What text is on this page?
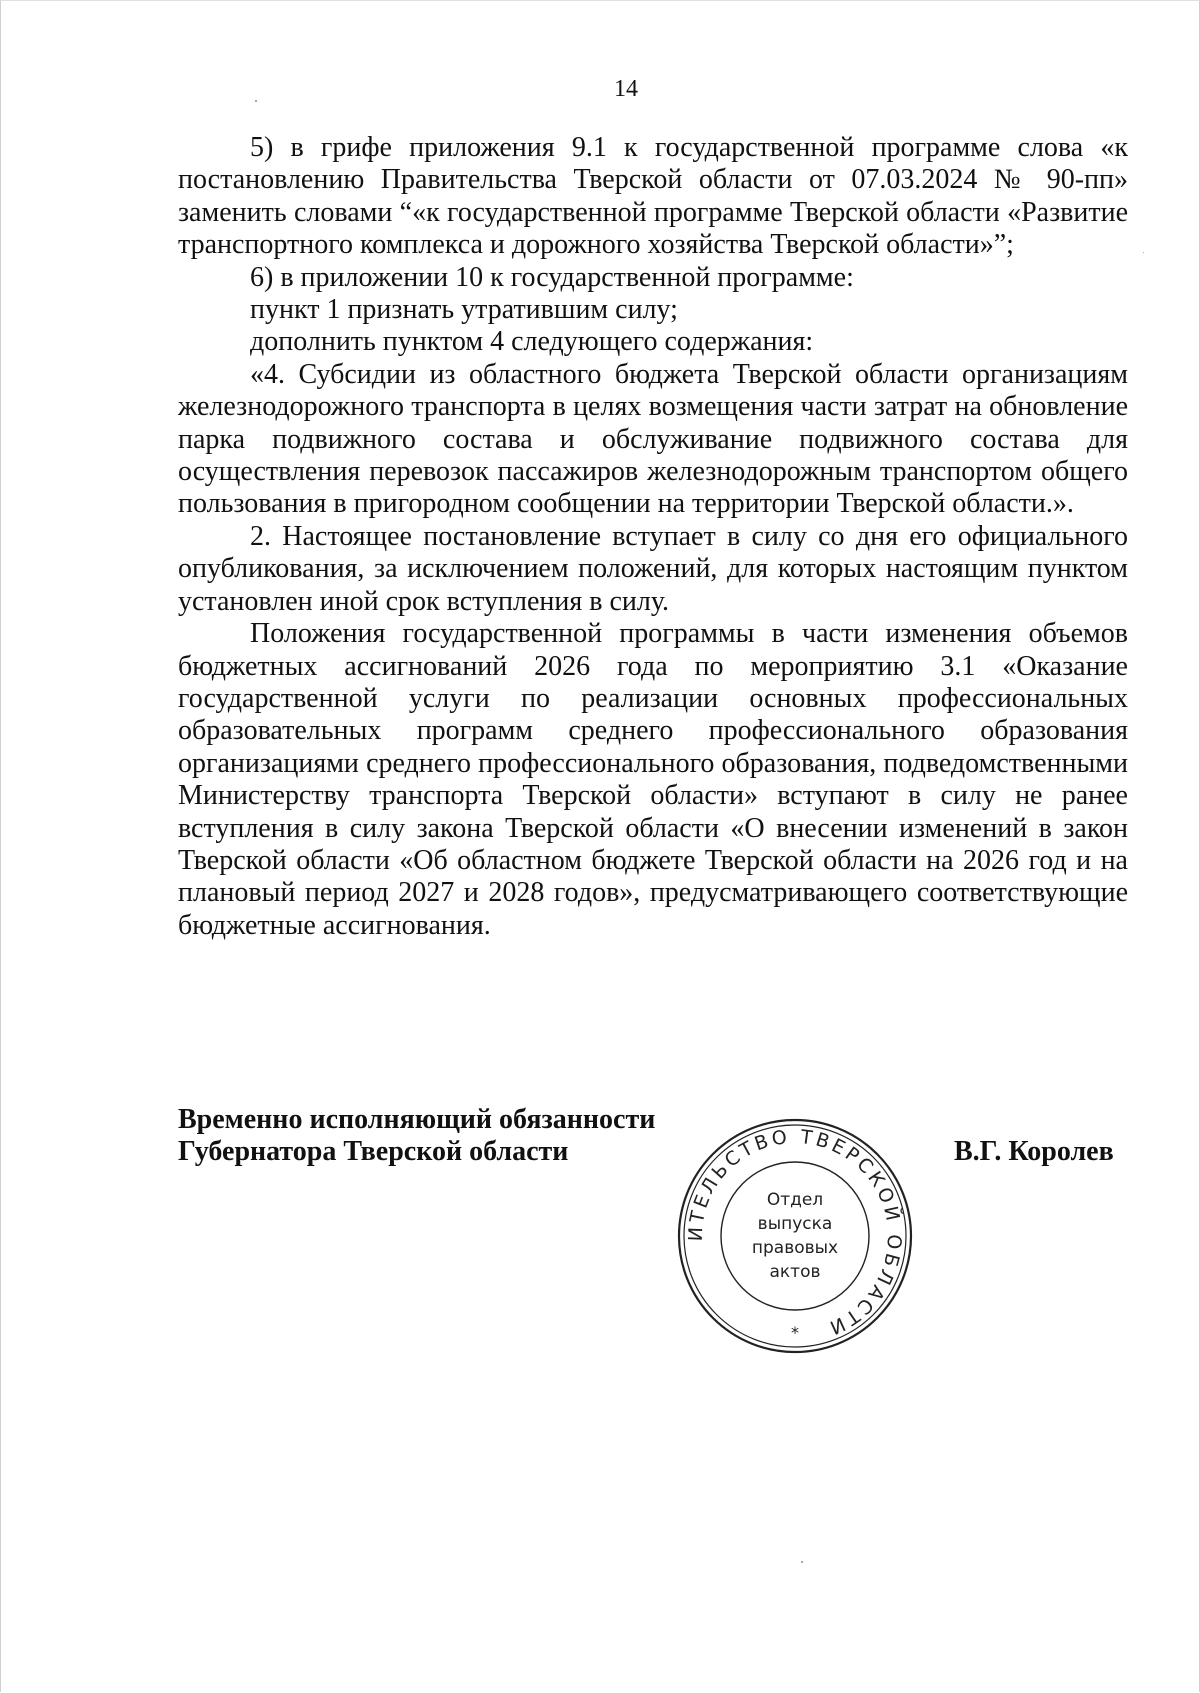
14

5) в грифе приложения 9.1 к государственной программе слова «к постановлению Правительства Тверской области от 07.03.2024 № 90-пп» заменить словами “«к государственной программе Тверской области «Развитие транспортного комплекса и дорожного хозяйства Тверской области»”;

6) в приложении 10 к государственной программе:

пункт 1 признать утратившим силу;

дополнить пунктом 4 следующего содержания:

«4. Субсидии из областного бюджета Тверской области организациям железнодорожного транспорта в целях возмещения части затрат на обновление парка подвижного состава и обслуживание подвижного состава для осуществления перевозок пассажиров железнодорожным транспортом общего пользования в пригородном сообщении на территории Тверской области.».

2. Настоящее постановление вступает в силу со дня его официального опубликования, за исключением положений, для которых настоящим пунктом установлен иной срок вступления в силу.

Положения государственной программы в части изменения объемов бюджетных ассигнований 2026 года по мероприятию 3.1 «Оказание государственной услуги по реализации основных профессиональных образовательных программ среднего профессионального образования организациями среднего профессионального образования, подведомственными Министерству транспорта Тверской области» вступают в силу не ранее вступления в силу закона Тверской области «О внесении изменений в закон Тверской области «Об областном бюджете Тверской области на 2026 год и на плановый период 2027 и 2028 годов», предусматривающего соответствующие бюджетные ассигнования.

Временно исполняющий обязанности
Губернатора Тверской области
ИТЕЛЬСТВО ТВЕРСКОЙ ОБЛАСТИ
*
Отдел
выпуска
правовых
актов
В.Г. Королев
